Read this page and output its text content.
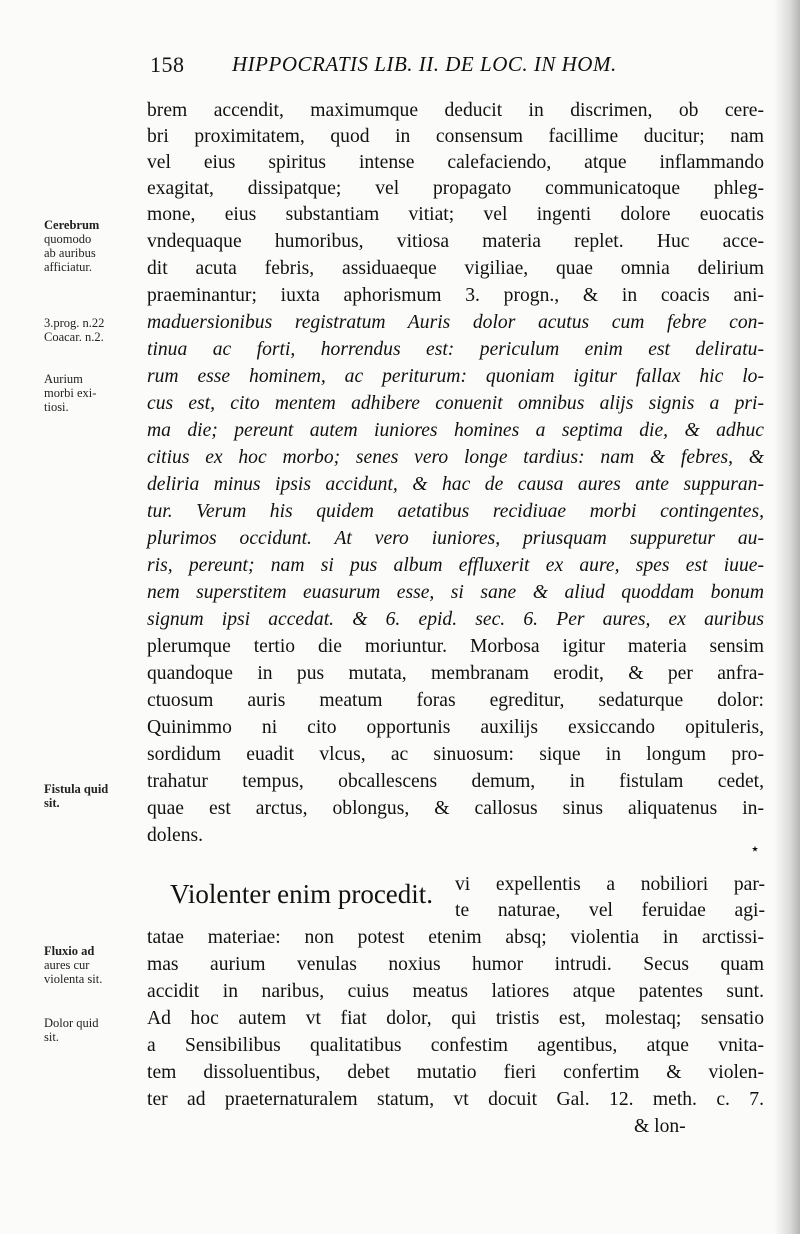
158 HIPPOCRATIS LIB. II. DE LOC. IN HOM.
Cerebrum
quomodo
ab auribus
afficiatur.
3.prog. n.22
Coacar. n.2.
Aurium
morbi exi-
tiosi.
Fistula quid
sit.
Fluxio ad
aures cur
violenta sit.
Dolor quid
sit.
brem accendit, maximumque deducit in discrimen, ob cere-
bri proximitatem, quod in consensum facillime ducitur; nam
vel eius spiritus intense calefaciendo, atque inflammando
exagitat, dissipatque; vel propagato communicatoque phleg-
mone, eius substantiam vitiat; vel ingenti dolore euocatis
vndequaque humoribus, vitiosa materia replet. Huc acce-
dit acuta febris, assiduaeque vigiliae, quae omnia delirium
praeminantur; iuxta aphorismum 3. progn., & in coacis ani-
maduersionibus registratum Auris dolor acutus cum febre con-
tinua ac forti, horrendus est: periculum enim est deliratu-
rum esse hominem, ac periturum: quoniam igitur fallax hic lo-
cus est, cito mentem adhibere conuenit omnibus alijs signis a pri-
ma die; pereunt autem iuniores homines a septima die, & adhuc
citius ex hoc morbo; senes vero longe tardius: nam & febres, &
deliria minus ipsis accidunt, & hac de causa aures ante suppuran-
tur. Verum his quidem aetatibus recidiuae morbi contingentes,
plurimos occidunt. At vero iuniores, priusquam suppuretur au-
ris, pereunt; nam si pus album effluxerit ex aure, spes est iuue-
nem superstitem euasurum esse, si sane & aliud quoddam bonum
signum ipsi accedat. & 6. epid. sec. 6. Per aures, ex auribus
plerumque tertio die moriuntur. Morbosa igitur materia sensim
quandoque in pus mutata, membranam erodit, & per anfra-
ctuosum auris meatum foras egreditur, sedaturque dolor:
Quinimmo ni cito opportunis auxilijs exsiccando opituleris,
sordidum euadit vlcus, ac sinuosum: sique in longum pro-
trahatur tempus, obcallescens demum, in fistulam cedet,
quae est arctus, oblongus, & callosus sinus aliquatenus in-
dolens.
⋆
Violenter enim procedit. vi expellentis a nobiliori par-
te naturae, vel feruidae agi-
tatae materiae: non potest etenim absq; violentia in arctissi-
mas aurium venulas noxius humor intrudi. Secus quam
accidit in naribus, cuius meatus latiores atque patentes sunt.
Ad hoc autem vt fiat dolor, qui tristis est, molestaq; sensatio
a Sensibilibus qualitatibus confestim agentibus, atque vnita-
tem dissoluentibus, debet mutatio fieri confertim & violen-
ter ad praeternaturalem statum, vt docuit Gal. 12. meth. c. 7.
& lon-
